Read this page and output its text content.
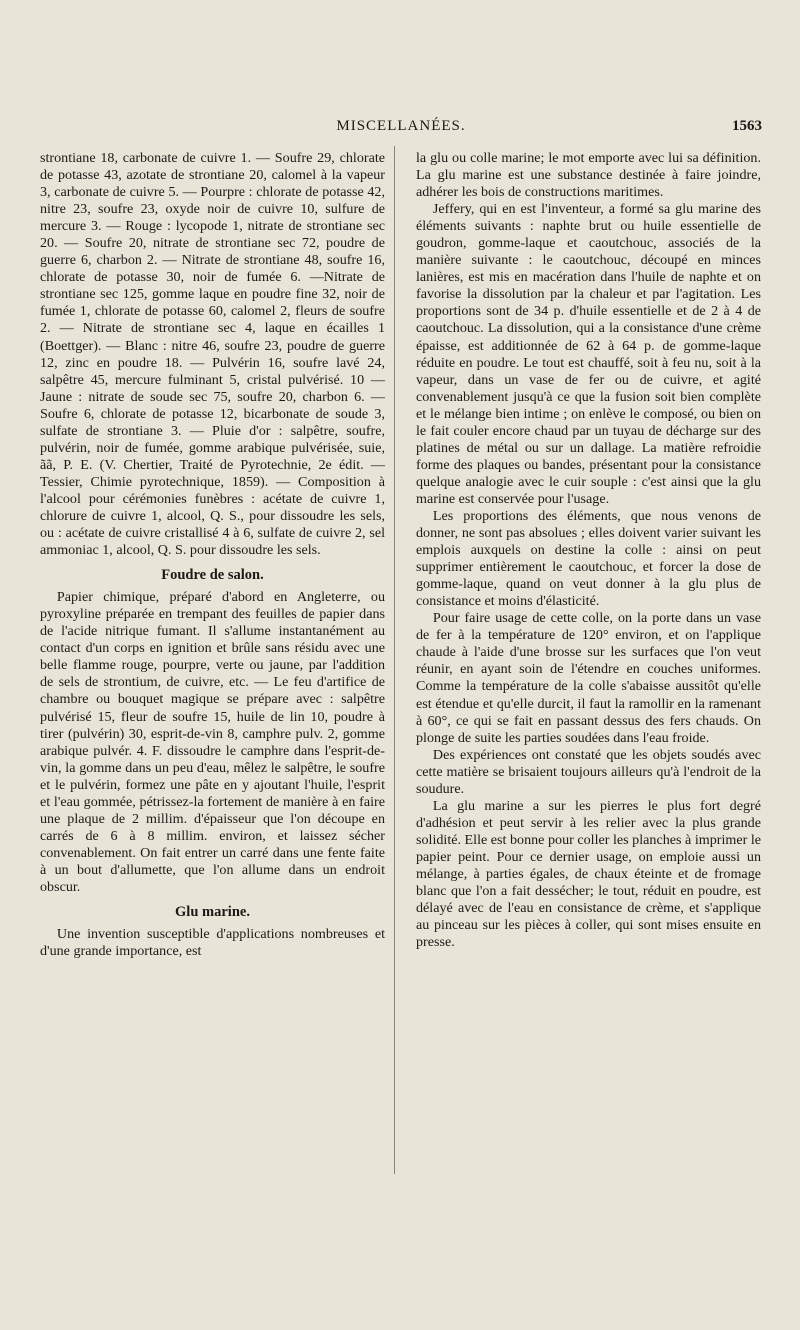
MISCELLANÉES.	1563

strontiane 18, carbonate de cuivre 1. — Soufre 29, chlorate de potasse 43, azotate de strontiane 20, calomel à la vapeur 3, carbonate de cuivre 5. — Pourpre : chlorate de potasse 42, nitre 23, soufre 23, oxyde noir de cuivre 10, sulfure de mercure 3. — Rouge : lycopode 1, nitrate de strontiane sec 20. — Soufre 20, nitrate de strontiane sec 72, poudre de guerre 6, charbon 2. — Nitrate de strontiane 48, soufre 16, chlorate de potasse 30, noir de fumée 6. —Nitrate de strontiane sec 125, gomme laque en poudre fine 32, noir de fumée 1, chlorate de potasse 60, calomel 2, fleurs de soufre 2. — Nitrate de strontiane sec 4, laque en écailles 1 (Boettger). — Blanc : nitre 46, soufre 23, poudre de guerre 12, zinc en poudre 18. — Pulvérin 16, soufre lavé 24, salpêtre 45, mercure fulminant 5, cristal pulvérisé. 10 — Jaune : nitrate de soude sec 75, soufre 20, charbon 6. — Soufre 6, chlorate de potasse 12, bicarbonate de soude 3, sulfate de strontiane 3. — Pluie d'or : salpêtre, soufre, pulvérin, noir de fumée, gomme arabique pulvérisée, suie, ãã, P. E. (V. Chertier, Traité de Pyrotechnie, 2e édit. — Tessier, Chimie pyrotechnique, 1859). — Composition à l'alcool pour cérémonies funèbres : acétate de cuivre 1, chlorure de cuivre 1, alcool, Q. S., pour dissoudre les sels, ou : acétate de cuivre cristallisé 4 à 6, sulfate de cuivre 2, sel ammoniac 1, alcool, Q. S. pour dissoudre les sels.

Foudre de salon.

Papier chimique, préparé d'abord en Angleterre, ou pyroxyline préparée en trempant des feuilles de papier dans de l'acide nitrique fumant. Il s'allume instantanément au contact d'un corps en ignition et brûle sans résidu avec une belle flamme rouge, pourpre, verte ou jaune, par l'addition de sels de strontium, de cuivre, etc. — Le feu d'artifice de chambre ou bouquet magique se prépare avec : salpêtre pulvérisé 15, fleur de soufre 15, huile de lin 10, poudre à tirer (pulvérin) 30, esprit-de-vin 8, camphre pulv. 2, gomme arabique pulvér. 4. F. dissoudre le camphre dans l'esprit-de-vin, la gomme dans un peu d'eau, mêlez le salpêtre, le soufre et le pulvérin, formez une pâte en y ajoutant l'huile, l'esprit et l'eau gommée, pétrissez-la fortement de manière à en faire une plaque de 2 millim. d'épaisseur que l'on découpe en carrés de 6 à 8 millim. environ, et laissez sécher convenablement. On fait entrer un carré dans une fente faite à un bout d'allumette, que l'on allume dans un endroit obscur.

Glu marine.

Une invention susceptible d'applications nombreuses et d'une grande importance, est

la glu ou colle marine; le mot emporte avec lui sa définition. La glu marine est une substance destinée à faire joindre, adhérer les bois de constructions maritimes.

Jeffery, qui en est l'inventeur, a formé sa glu marine des éléments suivants : naphte brut ou huile essentielle de goudron, gomme-laque et caoutchouc, associés de la manière suivante : le caoutchouc, découpé en minces lanières, est mis en macération dans l'huile de naphte et on favorise la dissolution par la chaleur et par l'agitation. Les proportions sont de 34 p. d'huile essentielle et de 2 à 4 de caoutchouc. La dissolution, qui a la consistance d'une crème épaisse, est additionnée de 62 à 64 p. de gomme-laque réduite en poudre. Le tout est chauffé, soit à feu nu, soit à la vapeur, dans un vase de fer ou de cuivre, et agité convenablement jusqu'à ce que la fusion soit bien complète et le mélange bien intime ; on enlève le composé, ou bien on le fait couler encore chaud par un tuyau de décharge sur des platines de métal ou sur un dallage. La matière refroidie forme des plaques ou bandes, présentant pour la consistance quelque analogie avec le cuir souple : c'est ainsi que la glu marine est conservée pour l'usage.

Les proportions des éléments, que nous venons de donner, ne sont pas absolues ; elles doivent varier suivant les emplois auxquels on destine la colle : ainsi on peut supprimer entièrement le caoutchouc, et forcer la dose de gomme-laque, quand on veut donner à la glu plus de consistance et moins d'élasticité.

Pour faire usage de cette colle, on la porte dans un vase de fer à la température de 120° environ, et on l'applique chaude à l'aide d'une brosse sur les surfaces que l'on veut réunir, en ayant soin de l'étendre en couches uniformes. Comme la température de la colle s'abaisse aussitôt qu'elle est étendue et qu'elle durcit, il faut la ramollir en la ramenant à 60°, ce qui se fait en passant dessus des fers chauds. On plonge de suite les parties soudées dans l'eau froide.

Des expériences ont constaté que les objets soudés avec cette matière se brisaient toujours ailleurs qu'à l'endroit de la soudure.

La glu marine a sur les pierres le plus fort degré d'adhésion et peut servir à les relier avec la plus grande solidité. Elle est bonne pour coller les planches à imprimer le papier peint. Pour ce dernier usage, on emploie aussi un mélange, à parties égales, de chaux éteinte et de fromage blanc que l'on a fait dessécher; le tout, réduit en poudre, est délayé avec de l'eau en consistance de crème, et s'applique au pinceau sur les pièces à coller, qui sont mises ensuite en presse.
